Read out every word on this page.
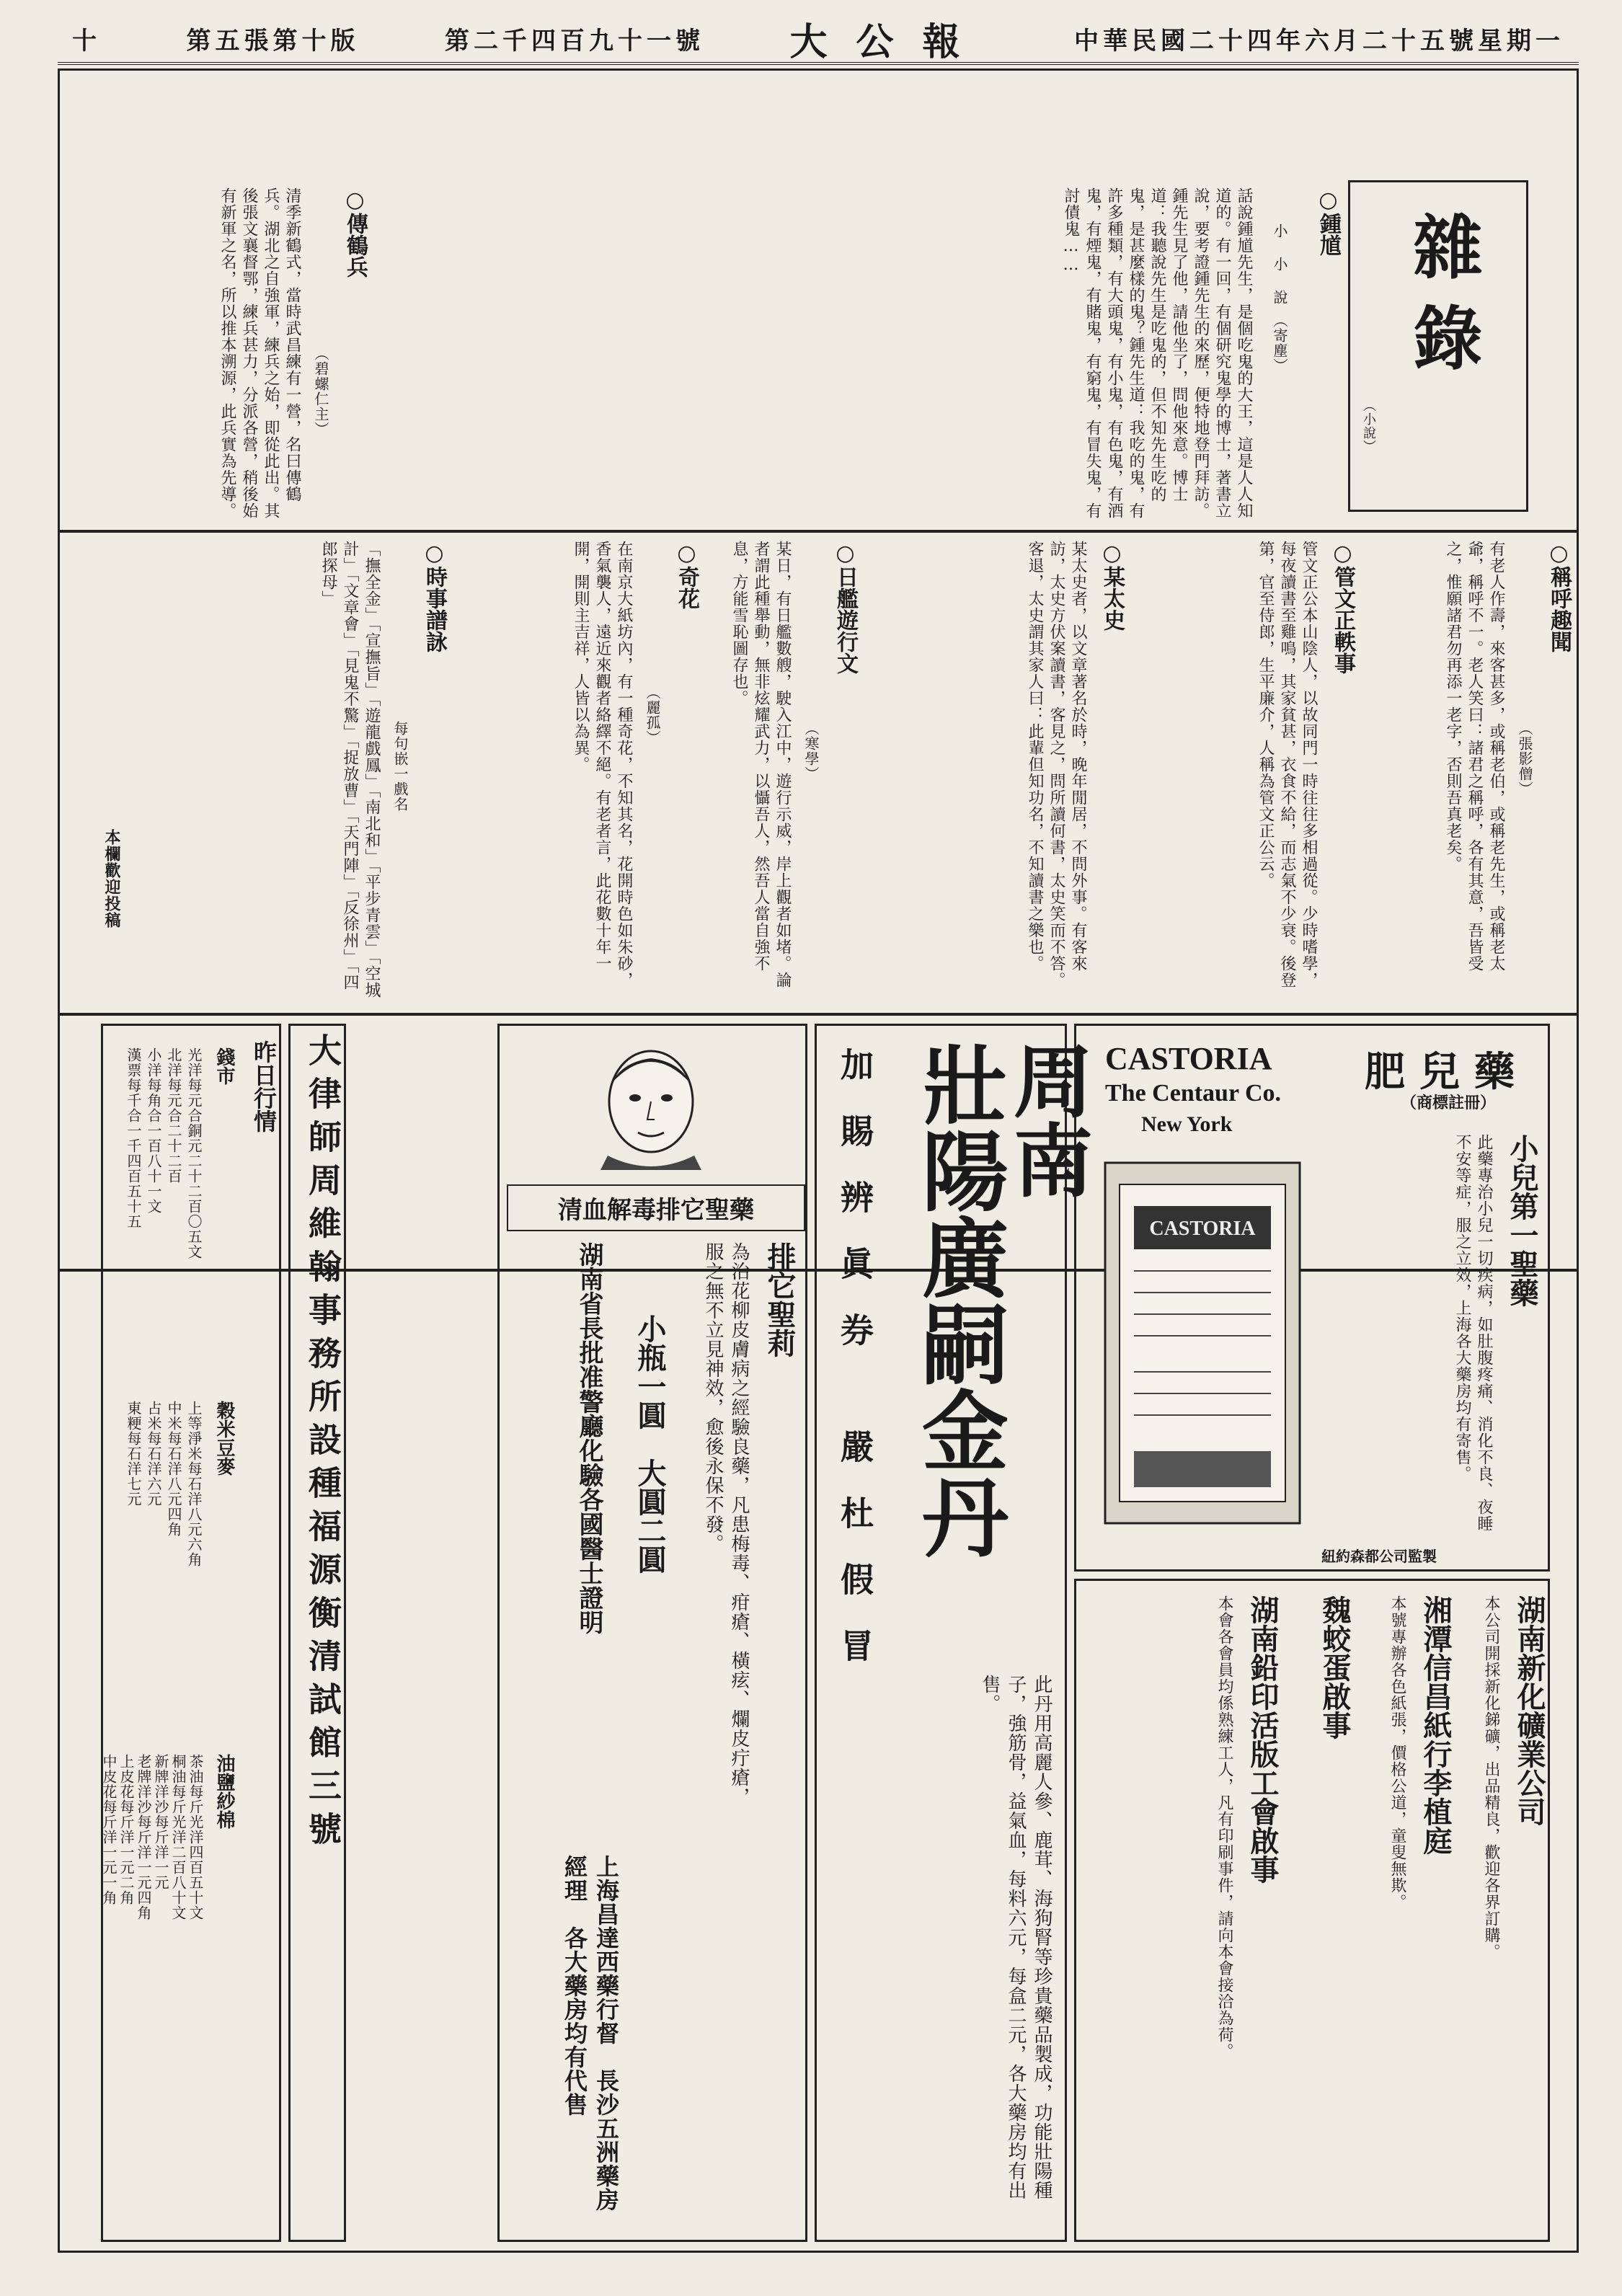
十	第五張第十版	第二千四百九十一號 大公報	中華民國二十四年六月二十五號星期一
雜錄
（小說）
○鍾馗
小 小 說　（寄塵）
話說鍾馗先生，是個吃鬼的大王，這是人人知道的。有一回，有個研究鬼學的博士，著書立說，要考證鍾先生的來歷，便特地登門拜訪。鍾先生見了他，請他坐了，問他來意。博士道：我聽說先生是吃鬼的，但不知先生吃的鬼，是甚麼樣的鬼？鍾先生道：我吃的鬼，有許多種類，有大頭鬼，有小鬼，有色鬼，有酒鬼，有煙鬼，有賭鬼，有窮鬼，有冒失鬼，有討債鬼……
○傳鶴兵
（碧螺仁主）
清季新鶴式，當時武昌練有一營，名曰傳鶴兵。湖北之自強軍，練兵之始，即從此出。其後張文襄督鄂，練兵甚力，分派各營，稍後始有新軍之名，所以推本溯源，此兵實為先導。
○稱呼趣聞
（張影僧）
有老人作壽，來客甚多，或稱老伯，或稱老先生，或稱老太爺，稱呼不一。老人笑曰：諸君之稱呼，各有其意，吾皆受之，惟願諸君勿再添一老字，否則吾真老矣。
○管文正軼事
管文正公本山陰人，以故同門一時往往多相過從。少時嗜學，每夜讀書至雞鳴，其家貧甚，衣食不給，而志氣不少衰。後登第，官至侍郎，生平廉介，人稱為管文正公云。
○某太史
某太史者，以文章著名於時，晚年閒居，不問外事。有客來訪，太史方伏案讀書，客見之，問所讀何書，太史笑而不答。客退，太史謂其家人曰：此輩但知功名，不知讀書之樂也。
○日艦遊行文
（寒學）
某日，有日艦數艘，駛入江中，遊行示威，岸上觀者如堵。論者謂此種舉動，無非炫耀武力，以懾吾人，然吾人當自強不息，方能雪恥圖存也。
○奇花
（麗孤）
在南京大紙坊內，有一種奇花，不知其名，花開時色如朱砂，香氣襲人，遠近來觀者絡繹不絕。有老者言，此花數十年一開，開則主吉祥，人皆以為異。
○時事譜詠
每句嵌一戲名
「撫全金」「宣撫旨」「遊龍戲鳳」「南北和」「平步青雲」「空城計」「文章會」「見鬼不驚」「捉放曹」「天門陣」「反徐州」「四郎探母」
本欄歡迎投稿
CASTORIA
The Centaur Co.
New York
肥兒藥
（商標註冊）
CASTORIA	小兒第一聖藥
此藥專治小兒一切疾病，如肚腹疼痛、消化不良、夜睡不安等症，服之立效，上海各大藥房均有寄售。
紐約森都公司監製
周南
壯陽廣嗣金丹
加　賜　辨　眞　券
嚴　杜　假　冒
此丹用高麗人參、鹿茸、海狗腎等珍貴藥品製成，功能壯陽種子，強筋骨，益氣血，每料六元，每盒二元，各大藥房均有出售。
清血解毒排它聖藥
排它聖莉
為治花柳皮膚病之經驗良藥，凡患梅毒、疳瘡、橫痃、爛皮疔瘡，服之無不立見神效，愈後永保不發。
小瓶一圓　大圓二圓
湖南省長批准警廳化驗各國醫士證明
上海昌達西藥行督　長沙五洲藥房經理　各大藥房均有代售
大律師周維翰事務所設種福源衡清試館三號
昨日行情
錢市
光洋每元合銅元二十二百〇五文
北洋每元合二十二百
小洋每角合一百八十一文
漢票每千合一千四百五十五
穀米豆麥
上等淨米每石洋八元六角
中米每石洋八元四角
占米每石洋六元
東粳每石洋七元
油鹽紗棉
茶油每斤光洋四百五十文
桐油每斤光洋二百八十文
新牌洋沙每斤洋一元
老牌洋沙每斤洋一元四角
上皮花每斤洋一元二角
中皮花每斤洋一元一角
湖南新化礦業公司
本公司開採新化銻礦，出品精良，歡迎各界訂購。
湘潭信昌紙行李植庭
本號專辦各色紙張，價格公道，童叟無欺。
魏蛟蛋啟事
湖南鉛印活版工會啟事
本會各會員均係熟練工人，凡有印刷事件，請向本會接洽為荷。
